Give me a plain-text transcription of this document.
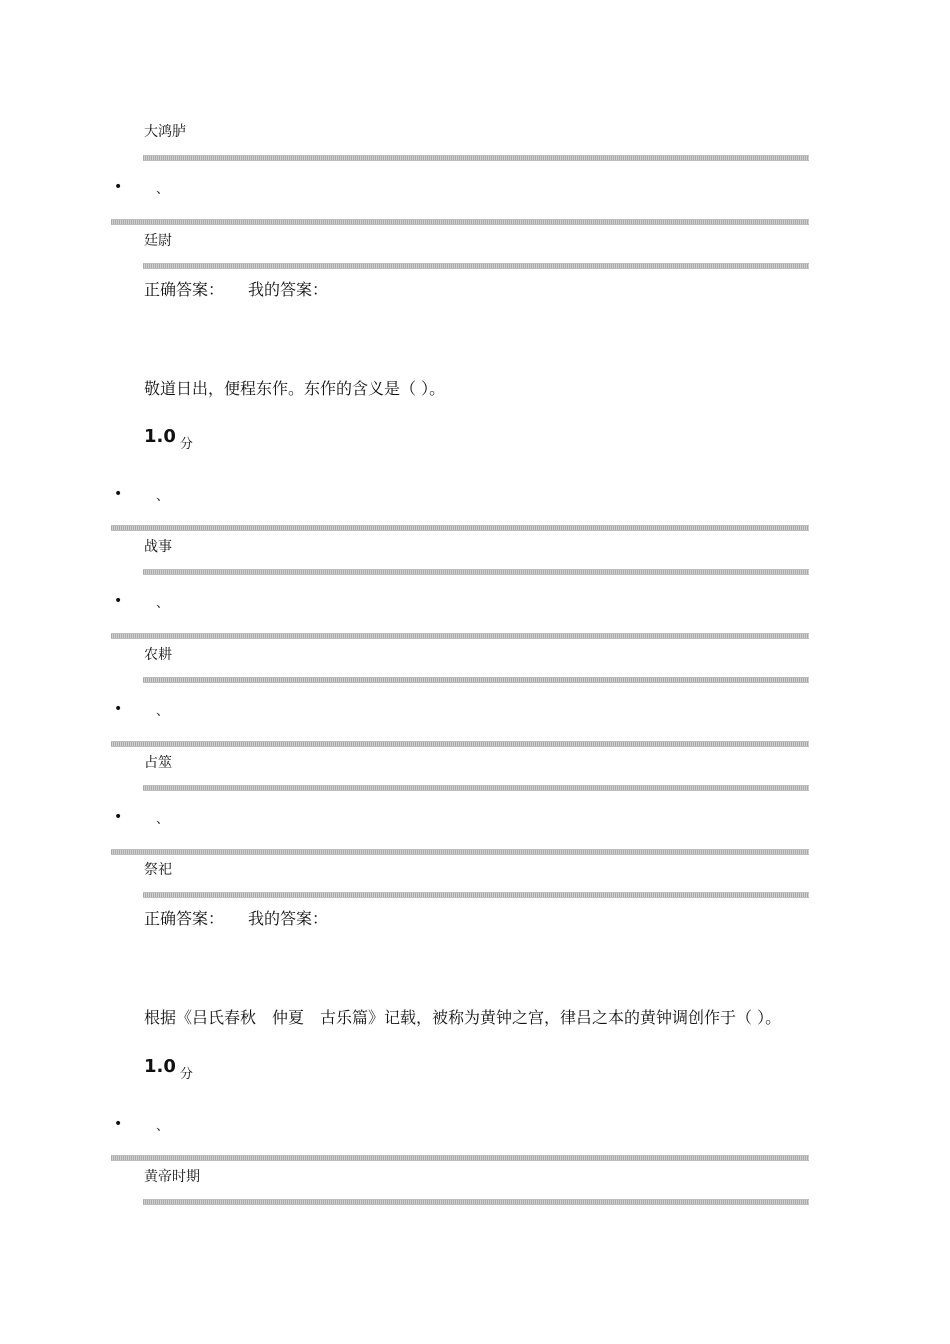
大鸿胪
•	、
廷尉
正确答案： 我的答案：
敬道日出，便程东作。东作的含义是（ ）。
1.0 $_分$
•	、
战事
•	、
农耕
•	、
占筮
•	、
祭祀
正确答案： 我的答案：
根据《吕氏春秋　仲夏　古乐篇》记载，被称为黄钟之宫，律吕之本的黄钟调创作于（ ）。
1.0 $_分$
•	、
黄帝时期
